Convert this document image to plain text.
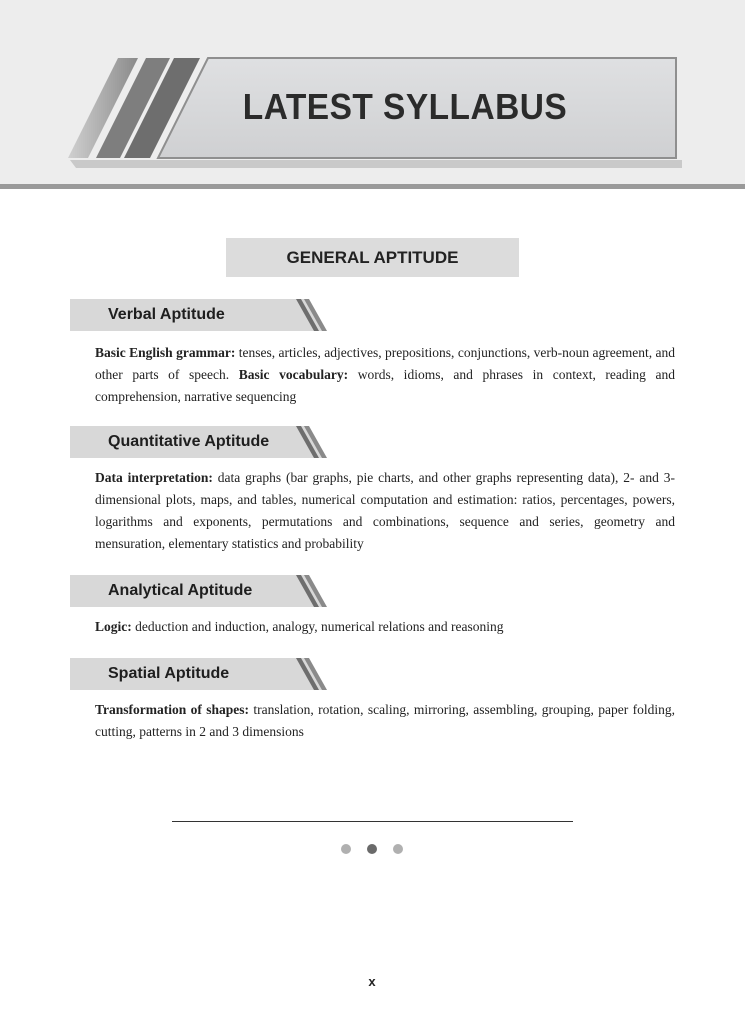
LATEST SYLLABUS
GENERAL APTITUDE
Verbal Aptitude
Basic English grammar: tenses, articles, adjectives, prepositions, conjunctions, verb-noun agreement, and other parts of speech. Basic vocabulary: words, idioms, and phrases in context, reading and comprehension, narrative sequencing
Quantitative Aptitude
Data interpretation: data graphs (bar graphs, pie charts, and other graphs representing data), 2- and 3-dimensional plots, maps, and tables, numerical computation and estimation: ratios, percentages, powers, logarithms and exponents, permutations and combinations, sequence and series, geometry and mensuration, elementary statistics and probability
Analytical Aptitude
Logic: deduction and induction, analogy, numerical relations and reasoning
Spatial Aptitude
Transformation of shapes: translation, rotation, scaling, mirroring, assembling, grouping, paper folding, cutting, patterns in 2 and 3 dimensions
x
